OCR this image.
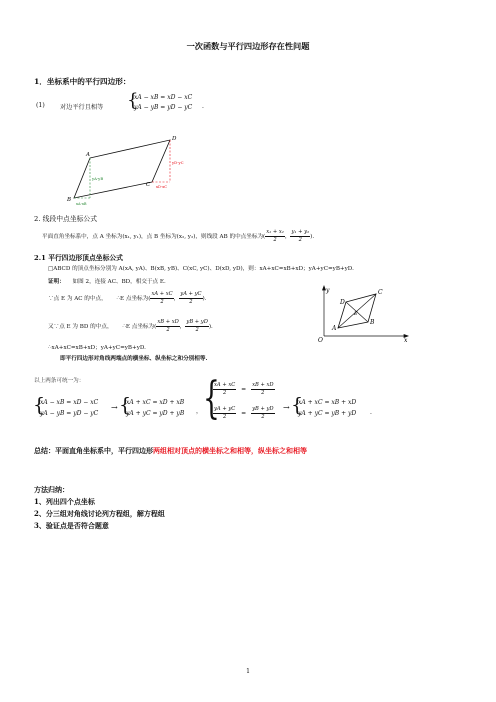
一次函数与平行四边形存在性问题
1．坐标系中的平行四边形：
(1) 对边平行且相等 {
xA − xB = xD − xC
yA − yB = yD − yC .
A
B
C
D
yA-yB
yD-yC
xA-xB
xD-xC
2. 线段中点坐标公式
平面直角坐标系中，点 A 坐标为(x₁, y₁)，点 B 坐标为(x₂, y₂)，则线段 AB 的中点坐标为( $\frac{\text{x₁ + x₂}}{2}$ ， $\frac{\text{y₁ + y₂}}{2}$ ).
2.1 平行四边形顶点坐标公式
□ABCD 的顶点坐标分别为 A(xA, yA)、B(xB, yB)、C(xC, yC)、D(xD, yD)，则：xA+xC=xB+xD；yA+yC=yB+yD.
证明： 如图 2，连接 AC、BD，相交于点 E.
∵点 E 为 AC 的中点， ∴E 点坐标为( $\frac{xA + xC}{2}$ ， $\frac{yA + yC}{2}$ ).
又∵点 E 为 BD 的中点， ∴E 点坐标为( $\frac{xB + xD}{2}$ ， $\frac{yB + yD}{2}$ ).
∴xA+xC=xB+xD；yA+yC=yB+yD.
即平行四边形对角线两端点的横坐标、纵坐标之和分别相等.
y
x
O
D
C
B
A
E
以上两条可统一为：
{
xA − xB = xD − xC
yA − yB = yD − yC
→ {
xA + xC = xD + xB
yA + yC = yD + yB ， {
$\frac{xA + xC}{2} = \frac{xB + xD}{2}$
$\frac{yA + yC}{2} = \frac{yB + yD}{2}$ → {
xA + xC = xB + xD
yA + yC = yB + yD .
总结：平面直角坐标系中，平行四边形两组相对顶点的横坐标之和相等，纵坐标之和相等
方法归纳：
1、列出四个点坐标
2、分三组对角线讨论列方程组，解方程组
3、验证点是否符合题意
1
